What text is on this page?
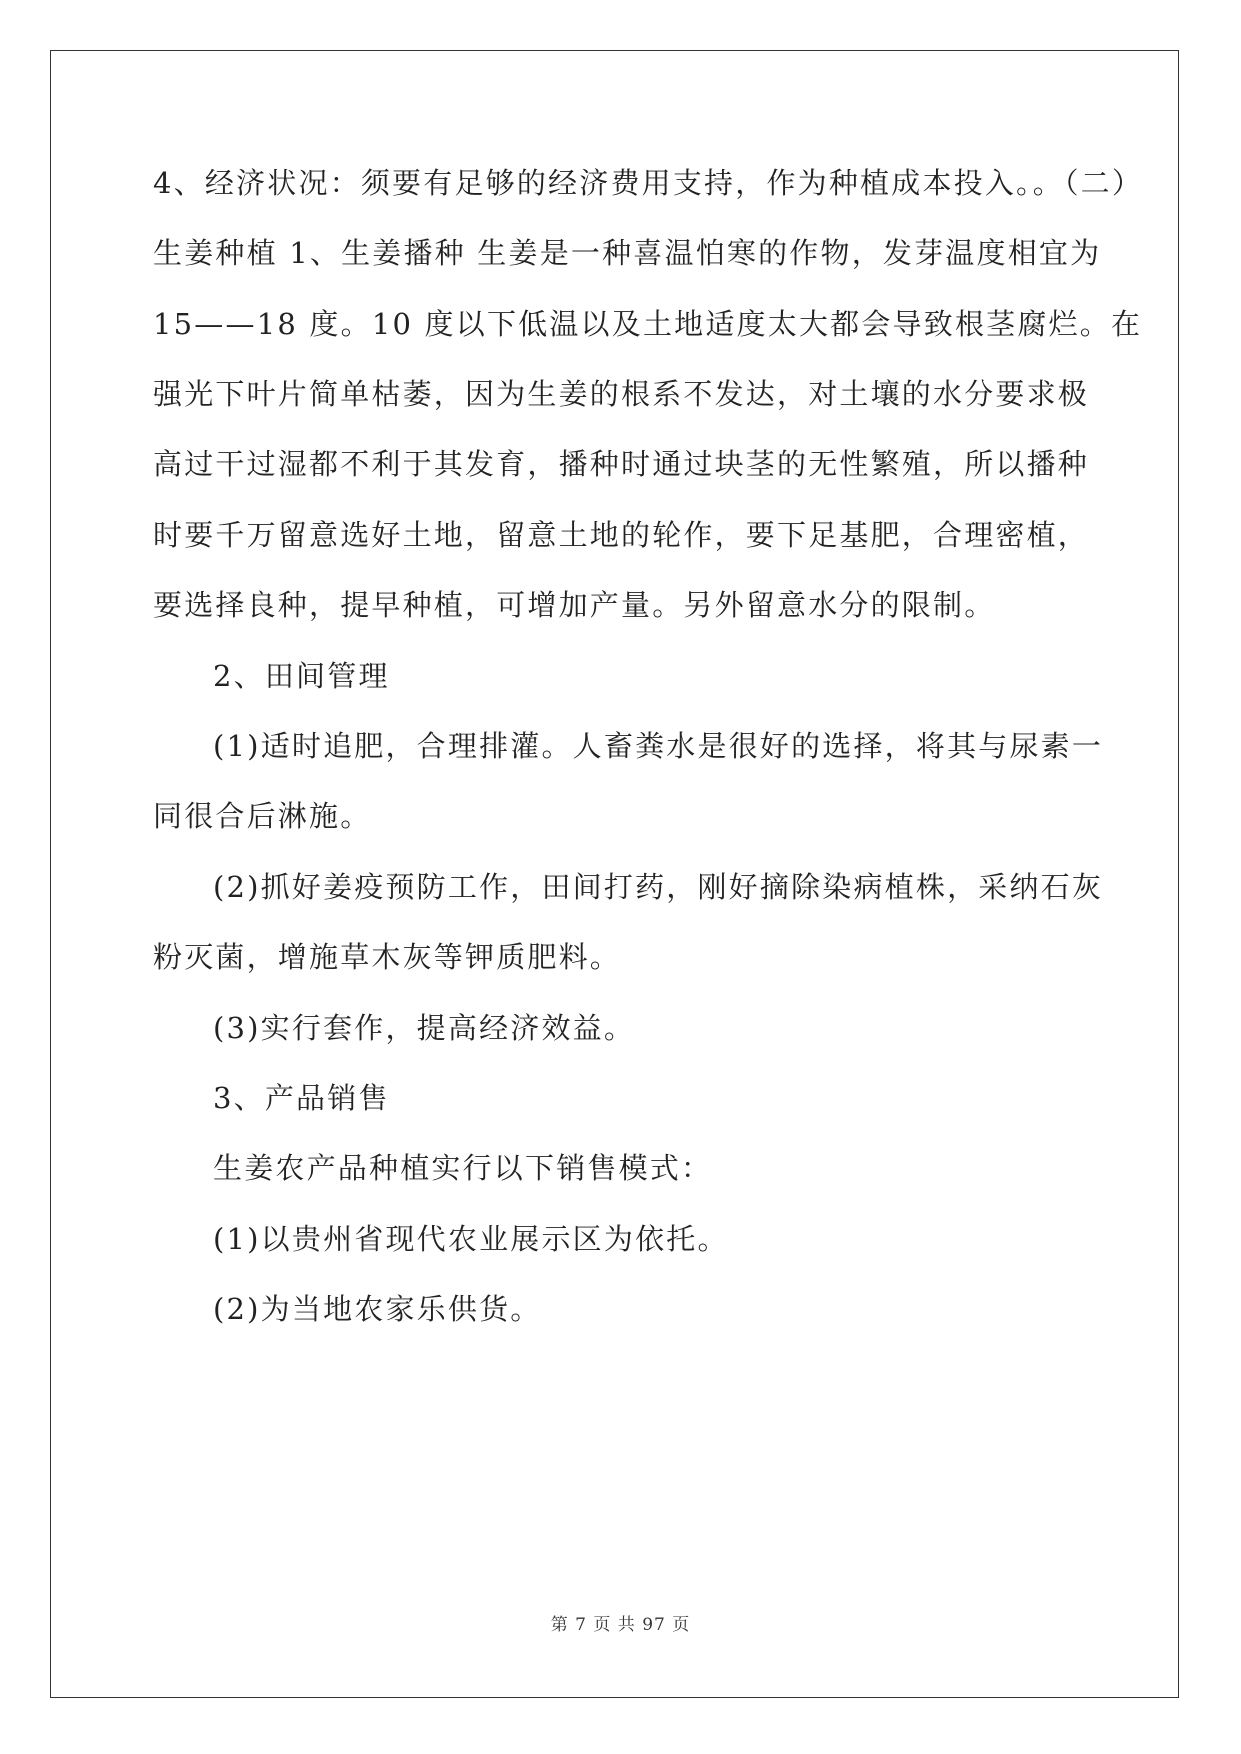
4、经济状况：须要有足够的经济费用支持，作为种植成本投入。。（二）
生姜种植 1、生姜播种 生姜是一种喜温怕寒的作物，发芽温度相宜为
15——18 度。10 度以下低温以及土地适度太大都会导致根茎腐烂。在
强光下叶片简单枯萎，因为生姜的根系不发达，对土壤的水分要求极
高过干过湿都不利于其发育，播种时通过块茎的无性繁殖，所以播种
时要千万留意选好土地，留意土地的轮作，要下足基肥，合理密植，
要选择良种，提早种植，可增加产量。另外留意水分的限制。
2、田间管理
(1)适时追肥，合理排灌。人畜粪水是很好的选择，将其与尿素一
同很合后淋施。
(2)抓好姜疫预防工作，田间打药，刚好摘除染病植株，采纳石灰
粉灭菌，增施草木灰等钾质肥料。
(3)实行套作，提高经济效益。
3、产品销售
生姜农产品种植实行以下销售模式：
(1)以贵州省现代农业展示区为依托。
(2)为当地农家乐供货。
第 7 页 共 97 页
